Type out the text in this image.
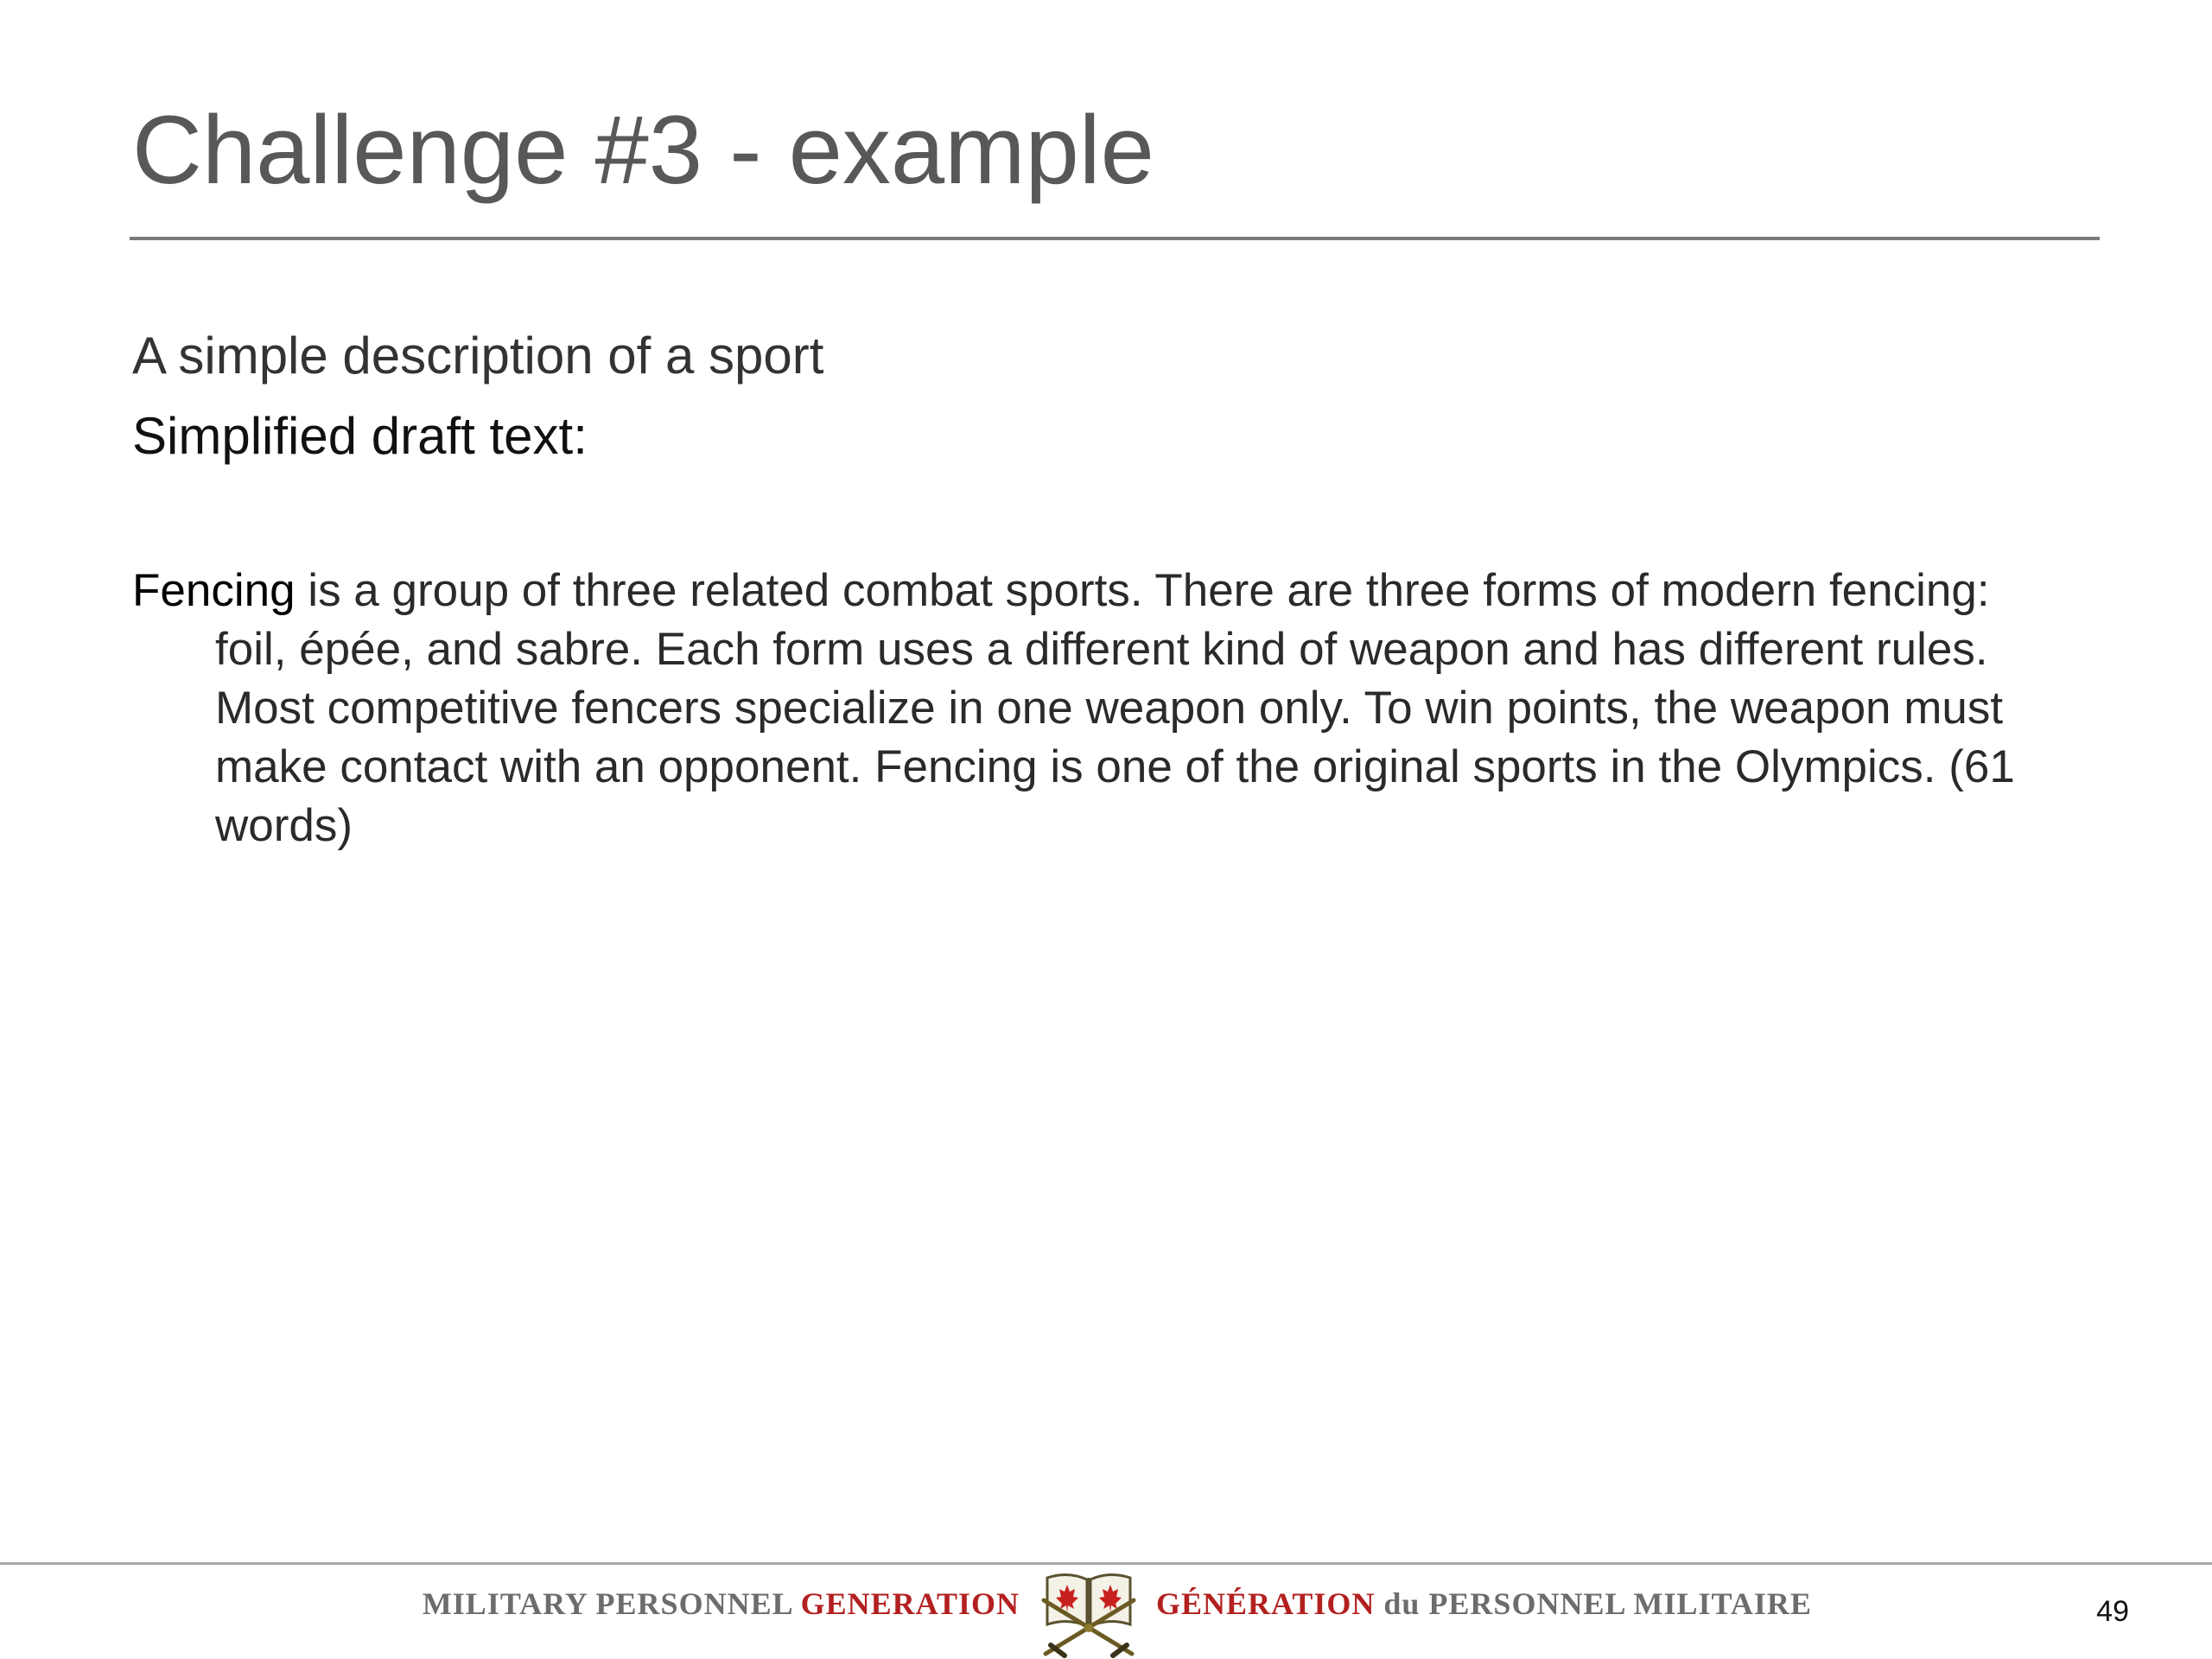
Challenge #3 - example

A simple description of a sport

Simplified draft text:

Fencing is a group of three related combat sports. There are three forms of modern fencing: foil, épée, and sabre. Each form uses a different kind of weapon and has different rules. Most competitive fencers specialize in one weapon only. To win points, the weapon must make contact with an opponent. Fencing is one of the original sports in the Olympics. (61 words)

MILITARY PERSONNEL GENERATION	GÉNÉRATION du PERSONNEL MILITAIRE	49
